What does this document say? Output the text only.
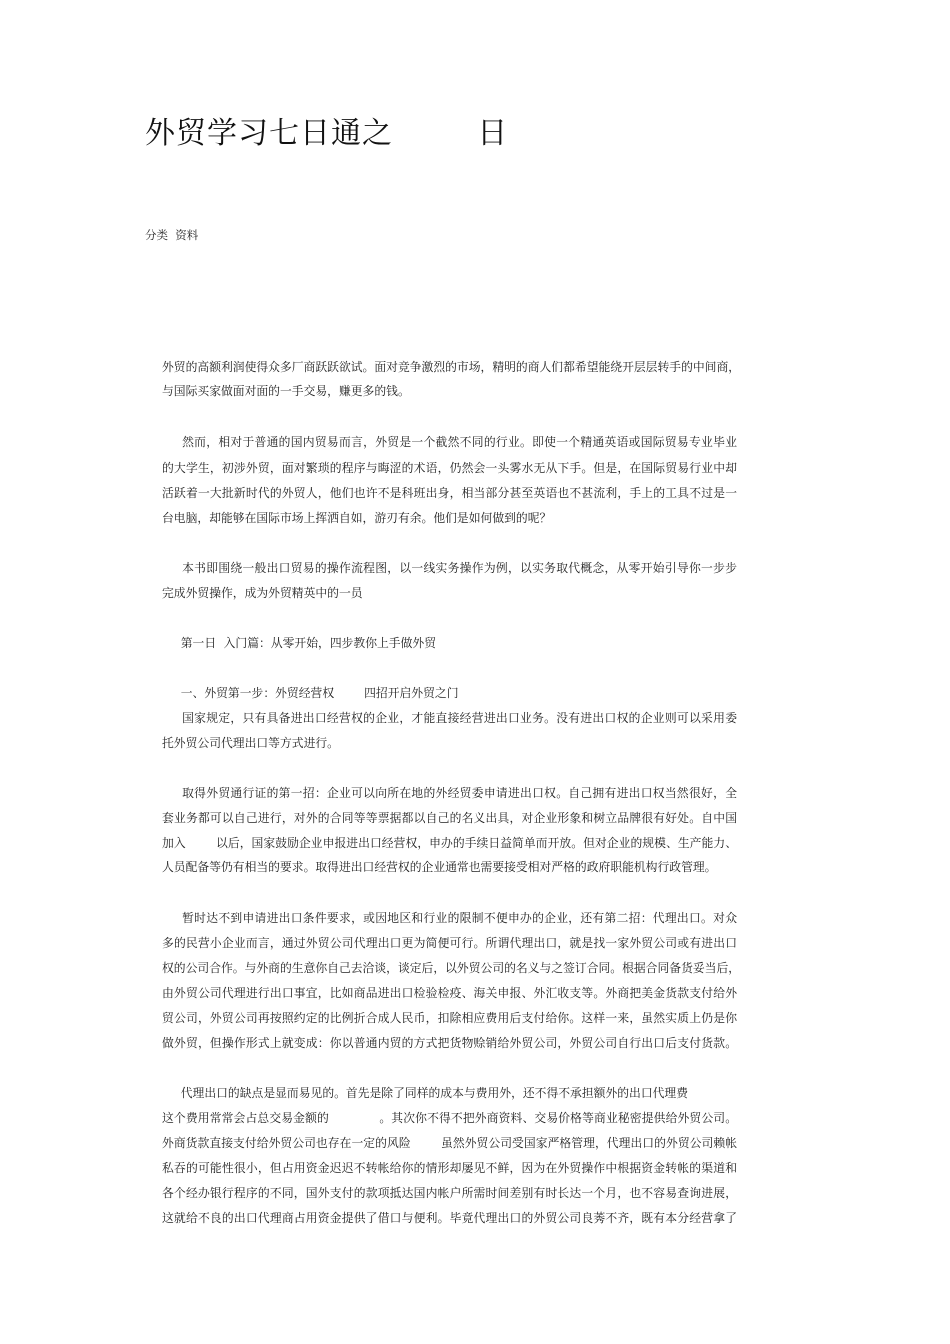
外贸学习七日通之        日
分类  资料
外贸的高额利润使得众多厂商跃跃欲试。面对竞争激烈的市场，精明的商人们都希望能绕开层层转手的中间商，
与国际买家做面对面的一手交易，赚更多的钱。
然而，相对于普通的国内贸易而言，外贸是一个截然不同的行业。即使一个精通英语或国际贸易专业毕业
的大学生，初涉外贸，面对繁琐的程序与晦涩的术语，仍然会一头雾水无从下手。但是，在国际贸易行业中却
活跃着一大批新时代的外贸人，他们也许不是科班出身，相当部分甚至英语也不甚流利，手上的工具不过是一
台电脑，却能够在国际市场上挥洒自如，游刃有余。他们是如何做到的呢？
本书即围绕一般出口贸易的操作流程图，以一线实务操作为例，以实务取代概念，从零开始引导你一步步
完成外贸操作，成为外贸精英中的一员
第一日  入门篇：从零开始，四步教你上手做外贸
一、外贸第一步：外贸经营权        四招开启外贸之门
国家规定，只有具备进出口经营权的企业，才能直接经营进出口业务。没有进出口权的企业则可以采用委
托外贸公司代理出口等方式进行。
取得外贸通行证的第一招：企业可以向所在地的外经贸委申请进出口权。自己拥有进出口权当然很好，全
套业务都可以自己进行，对外的合同等等票据都以自己的名义出具，对企业形象和树立品牌很有好处。自中国
加入        以后，国家鼓励企业申报进出口经营权，申办的手续日益简单而开放。但对企业的规模、生产能力、
人员配备等仍有相当的要求。取得进出口经营权的企业通常也需要接受相对严格的政府职能机构行政管理。
暂时达不到申请进出口条件要求，或因地区和行业的限制不便申办的企业，还有第二招：代理出口。对众
多的民营小企业而言，通过外贸公司代理出口更为简便可行。所谓代理出口，就是找一家外贸公司或有进出口
权的公司合作。与外商的生意你自己去洽谈，谈定后，以外贸公司的名义与之签订合同。根据合同备货妥当后，
由外贸公司代理进行出口事宜，比如商品进出口检验检疫、海关申报、外汇收支等。外商把美金货款支付给外
贸公司，外贸公司再按照约定的比例折合成人民币，扣除相应费用后支付给你。这样一来，虽然实质上仍是你
做外贸，但操作形式上就变成：你以普通内贸的方式把货物赊销给外贸公司，外贸公司自行出口后支付货款。
代理出口的缺点是显而易见的。首先是除了同样的成本与费用外，还不得不承担额外的出口代理费
这个费用常常会占总交易金额的             。其次你不得不把外商资料、交易价格等商业秘密提供给外贸公司。
外商货款直接支付给外贸公司也存在一定的风险        虽然外贸公司受国家严格管理，代理出口的外贸公司赖帐
私吞的可能性很小，但占用资金迟迟不转帐给你的情形却屡见不鲜，因为在外贸操作中根据资金转帐的渠道和
各个经办银行程序的不同，国外支付的款项抵达国内帐户所需时间差别有时长达一个月，也不容易查询进展，
这就给不良的出口代理商占用资金提供了借口与便利。毕竟代理出口的外贸公司良莠不齐，既有本分经营拿了
